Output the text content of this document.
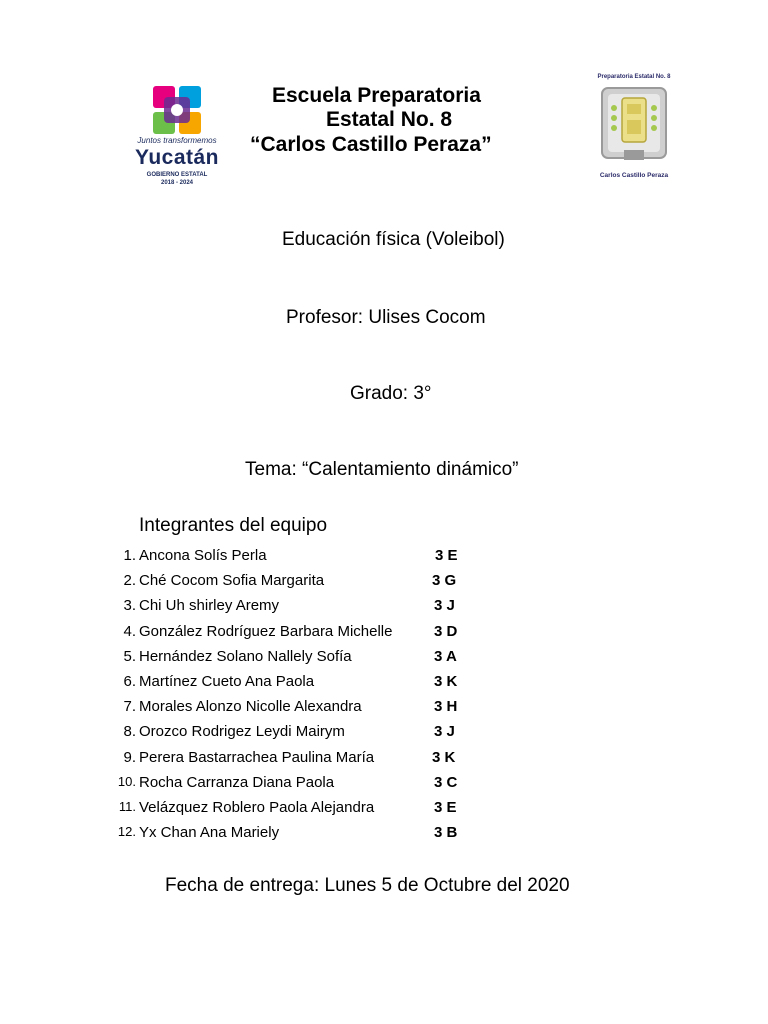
Juntos transformemos
Yucatán
GOBIERNO ESTATAL
2018 - 2024
Escuela Preparatoria
Estatal No. 8
“Carlos Castillo Peraza”
Preparatoria Estatal No. 8
Carlos Castillo Peraza
Educación física (Voleibol)
Profesor: Ulises Cocom
Grado: 3°
Tema: “Calentamiento dinámico”
Integrantes del equipo
1. Ancona Solís Perla	3 E
2. Ché Cocom Sofia Margarita	3 G
3. Chi Uh shirley Aremy	3 J
4. González Rodríguez Barbara Michelle	3 D
5. Hernández Solano Nallely Sofía	3 A
6. Martínez Cueto Ana Paola	3 K
7. Morales Alonzo Nicolle Alexandra	3 H
8. Orozco Rodrigez Leydi Mairym	3 J
9. Perera Bastarrachea Paulina María	3 K
10. Rocha Carranza Diana Paola	3 C
11. Velázquez Roblero Paola Alejandra	3 E
12. Yx Chan Ana Mariely	3 B
Fecha de entrega: Lunes 5 de Octubre del 2020
